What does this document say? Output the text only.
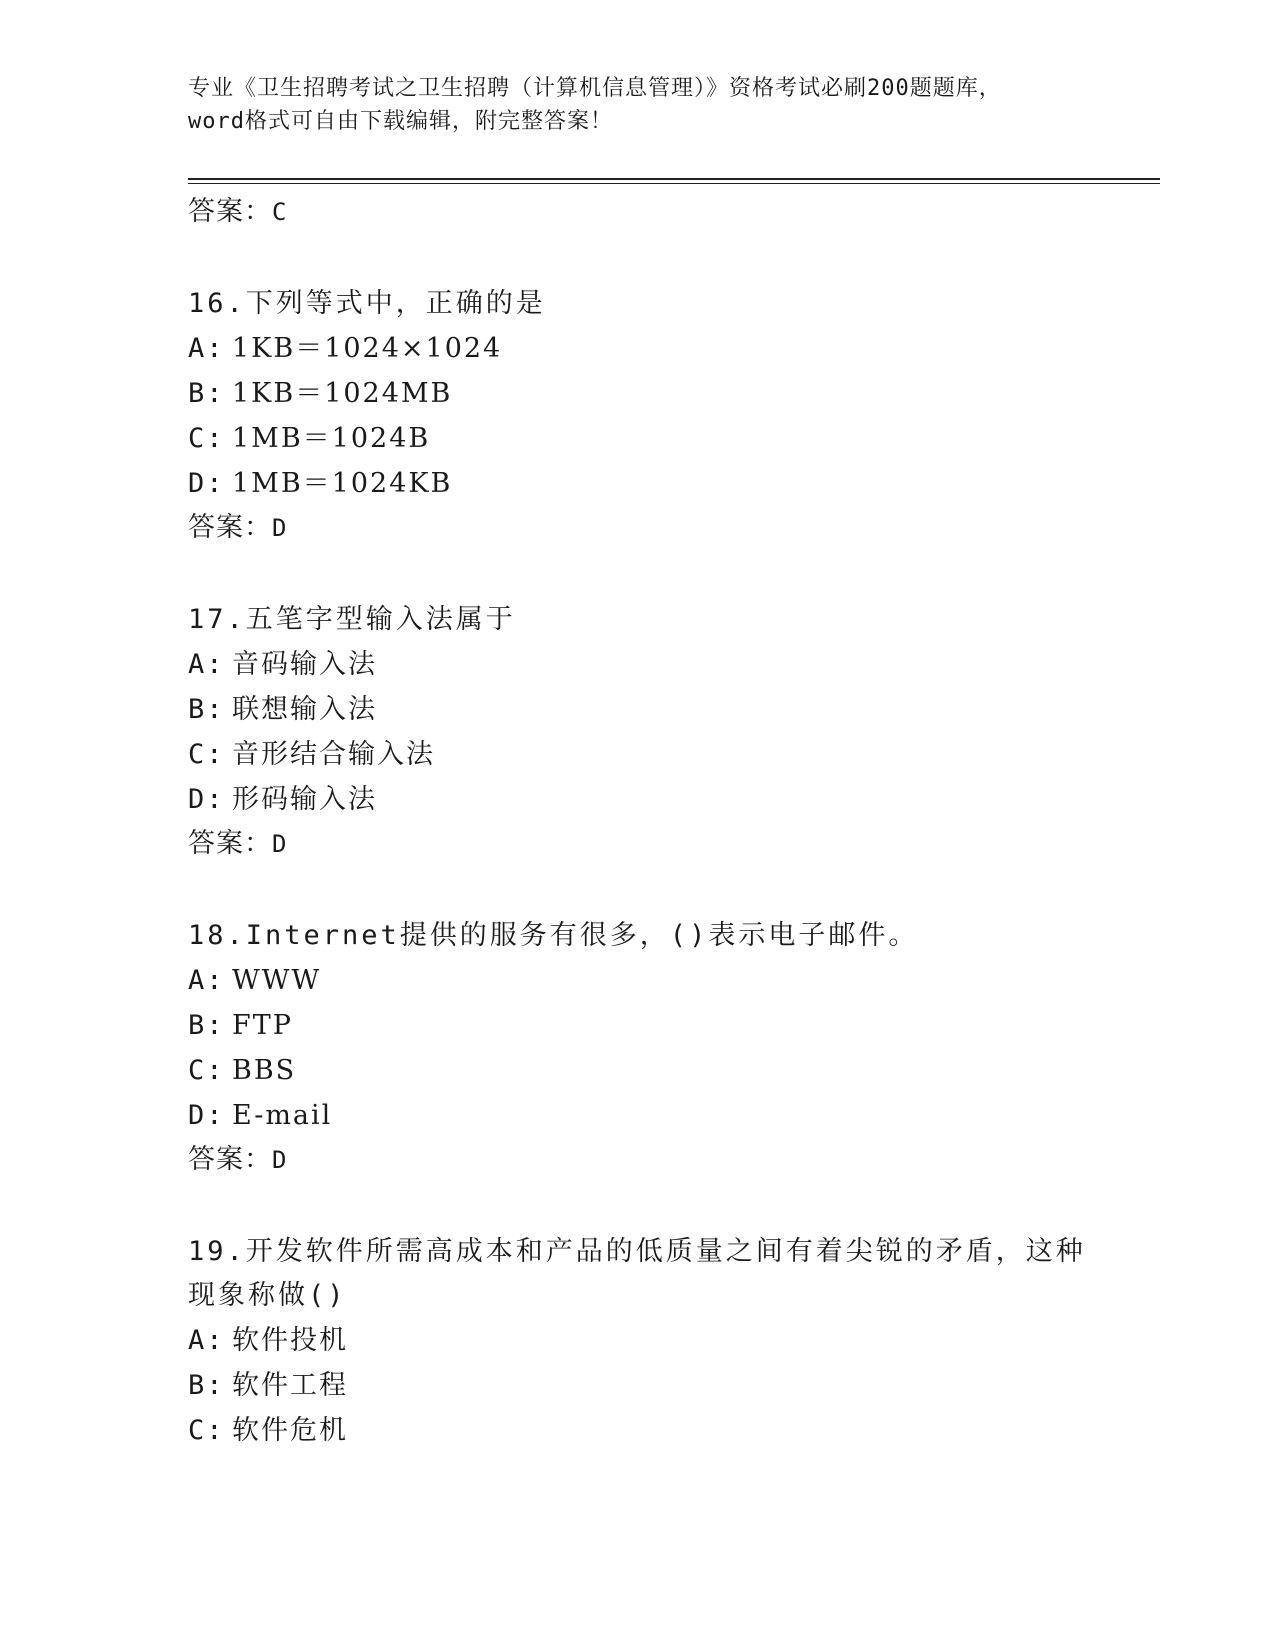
专业《卫生招聘考试之卫生招聘（计算机信息管理）》资格考试必刷200题题库，
word格式可自由下载编辑，附完整答案！
答案：C
16.下列等式中，正确的是
A: 1KB＝1024×1024
B: 1KB＝1024MB
C: 1MB＝1024B
D: 1MB＝1024KB
答案：D
17.五笔字型输入法属于
A: 音码输入法
B: 联想输入法
C: 音形结合输入法
D: 形码输入法
答案：D
18.Internet提供的服务有很多，()表示电子邮件。
A: WWW
B: FTP
C: BBS
D: E-mail
答案：D
19.开发软件所需高成本和产品的低质量之间有着尖锐的矛盾，这种现象称做()
A: 软件投机
B: 软件工程
C: 软件危机
